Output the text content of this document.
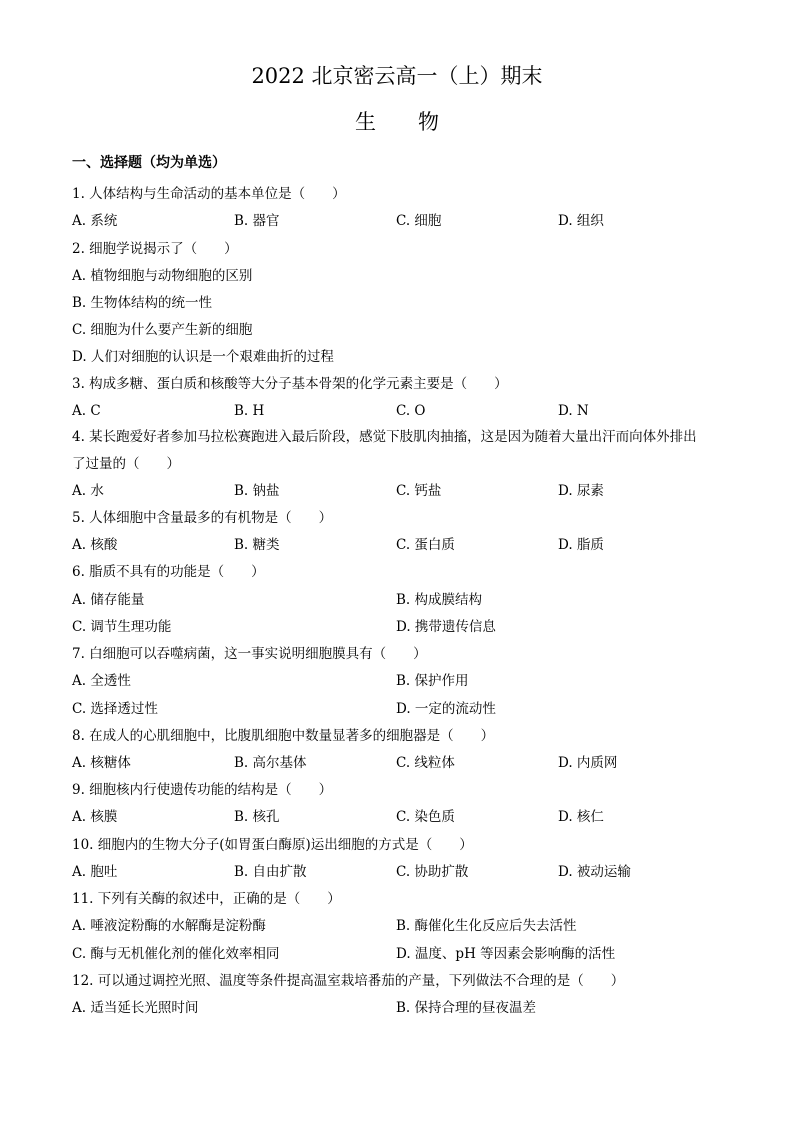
2022 北京密云高一（上）期末
生 物
一、选择题（均为单选）
1. 人体结构与生命活动的基本单位是（　　）
A. 系统	B. 器官	C. 细胞	D. 组织
2. 细胞学说揭示了（　　）
A. 植物细胞与动物细胞的区别
B. 生物体结构的统一性
C. 细胞为什么要产生新的细胞
D. 人们对细胞的认识是一个艰难曲折的过程
3. 构成多糖、蛋白质和核酸等大分子基本骨架的化学元素主要是（　　）
A. C	B. H	C. O	D. N
4. 某长跑爱好者参加马拉松赛跑进入最后阶段，感觉下肢肌肉抽搐，这是因为随着大量出汗而向体外排出
了过量的（　　）
A. 水	B. 钠盐	C. 钙盐	D. 尿素
5. 人体细胞中含量最多的有机物是（　　）
A. 核酸	B. 糖类	C. 蛋白质	D. 脂质
6. 脂质不具有的功能是（　　）
A. 储存能量	B. 构成膜结构
C. 调节生理功能	D. 携带遗传信息
7. 白细胞可以吞噬病菌，这一事实说明细胞膜具有（　　）
A. 全透性	B. 保护作用
C. 选择透过性	D. 一定的流动性
8. 在成人的心肌细胞中，比腹肌细胞中数量显著多的细胞器是（　　）
A. 核糖体	B. 高尔基体	C. 线粒体	D. 内质网
9. 细胞核内行使遗传功能的结构是（　　）
A. 核膜	B. 核孔	C. 染色质	D. 核仁
10. 细胞内的生物大分子(如胃蛋白酶原)运出细胞的方式是（　　）
A. 胞吐	B. 自由扩散	C. 协助扩散	D. 被动运输
11. 下列有关酶的叙述中，正确的是（　　）
A. 唾液淀粉酶的水解酶是淀粉酶	B. 酶催化生化反应后失去活性
C. 酶与无机催化剂的催化效率相同	D. 温度、pH 等因素会影响酶的活性
12. 可以通过调控光照、温度等条件提高温室栽培番茄的产量，下列做法不合理的是（　　）
A. 适当延长光照时间	B. 保持合理的昼夜温差
